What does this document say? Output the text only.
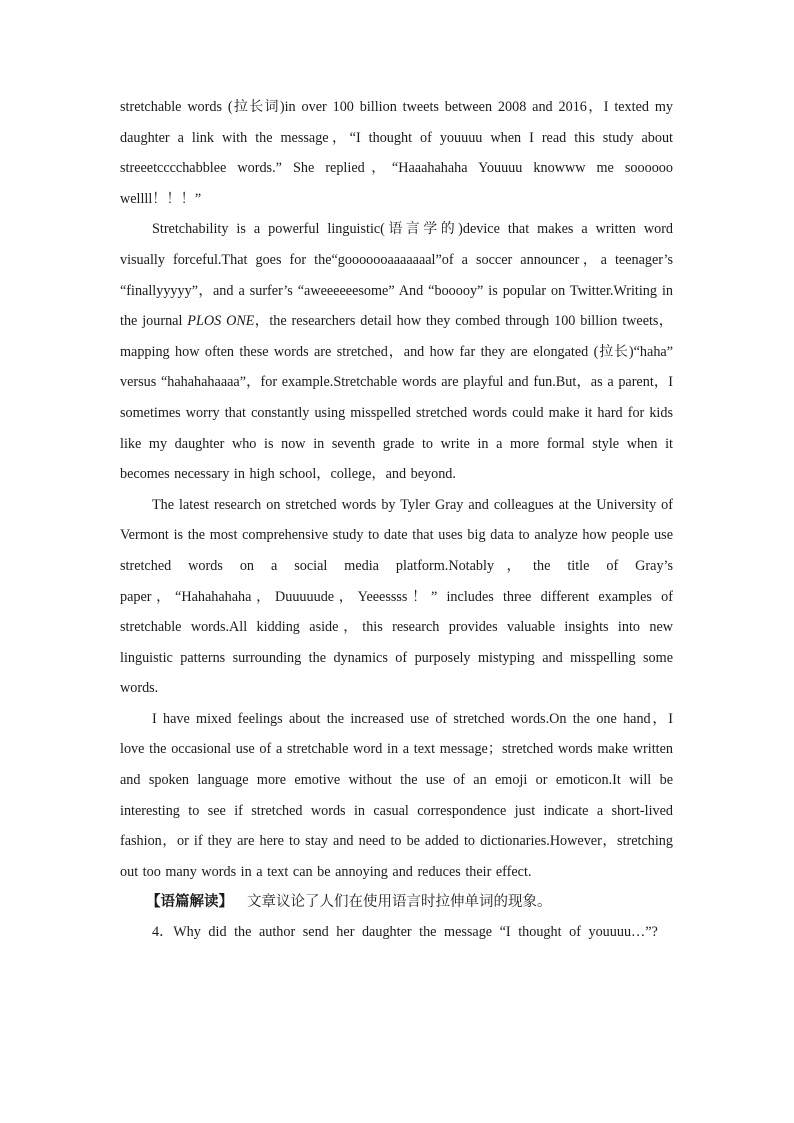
stretchable words (拉长词)in over 100 billion tweets between 2008 and 2016，I texted my daughter a link with the message，“I thought of youuuu when I read this study about streeetcccchabblee words.” She replied，“Haaahahaha Youuuu knowww me soooooo wellll！！！”

Stretchability is a powerful linguistic(语言学的)device that makes a written word visually forceful.That goes for the“gooooooaaaaaaal”of a soccer announcer，a teenager’s “finallyyyyy”，and a surfer’s “aweeeeeesome” And “booooy” is popular on Twitter.Writing in the journal PLOS ONE，the researchers detail how they combed through 100 billion tweets，mapping how often these words are stretched，and how far they are elongated (拉长)“haha” versus “hahahahaaaa”，for example.Stretchable words are playful and fun.But，as a parent，I sometimes worry that constantly using misspelled stretched words could make it hard for kids like my daughter who is now in seventh grade to write in a more formal style when it becomes necessary in high school，college，and beyond.

The latest research on stretched words by Tyler Gray and colleagues at the University of Vermont is the most comprehensive study to date that uses big data to analyze how people use stretched words on a social media platform.Notably，the title of Gray’s paper，“Hahahahaha，Duuuuude，Yeeessss！” includes three different examples of stretchable words.All kidding aside，this research provides valuable insights into new linguistic patterns surrounding the dynamics of purposely mistyping and misspelling some words.

I have mixed feelings about the increased use of stretched words.On the one hand，I love the occasional use of a stretchable word in a text message；stretched words make written and spoken language more emotive without the use of an emoji or emoticon.It will be interesting to see if stretched words in casual correspondence just indicate a short-lived fashion，or if they are here to stay and need to be added to dictionaries.However，stretching out too many words in a text can be annoying and reduces their effect.

【语篇解读】 文章议论了人们在使用语言时拉伸单词的现象。

4．Why did the author send her daughter the message “I thought of youuuu…”?
